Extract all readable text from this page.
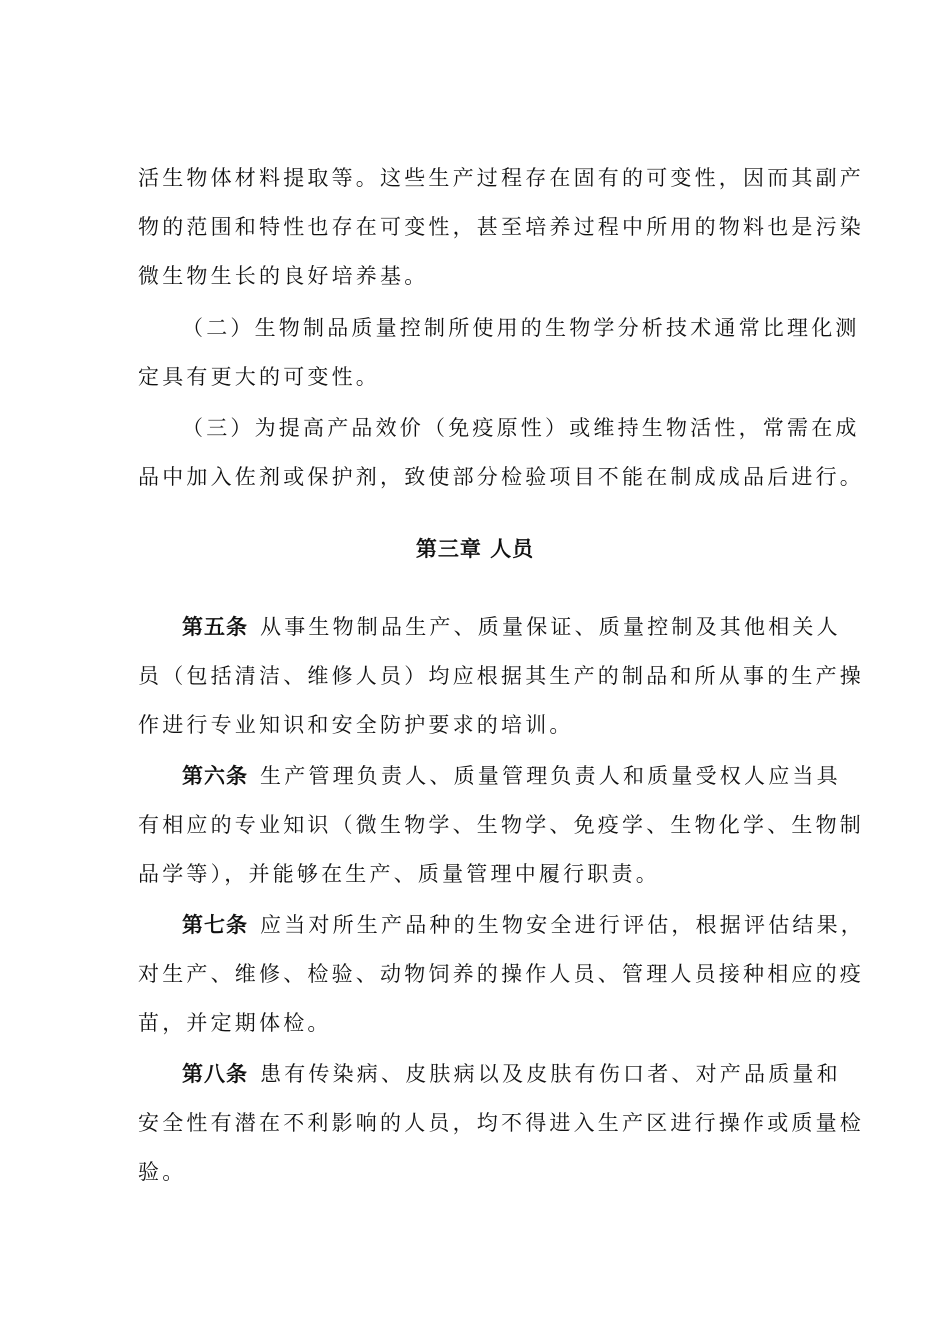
活生物体材料提取等。这些生产过程存在固有的可变性，因而其副产
物的范围和特性也存在可变性，甚至培养过程中所用的物料也是污染
微生物生长的良好培养基。
（二）生物制品质量控制所使用的生物学分析技术通常比理化测
定具有更大的可变性。
（三）为提高产品效价（免疫原性）或维持生物活性，常需在成
品中加入佐剂或保护剂，致使部分检验项目不能在制成成品后进行。
第三章 人员
第五条 从事生物制品生产、质量保证、质量控制及其他相关人
员（包括清洁、维修人员）均应根据其生产的制品和所从事的生产操
作进行专业知识和安全防护要求的培训。
第六条 生产管理负责人、质量管理负责人和质量受权人应当具
有相应的专业知识（微生物学、生物学、免疫学、生物化学、生物制
品学等），并能够在生产、质量管理中履行职责。
第七条 应当对所生产品种的生物安全进行评估，根据评估结果，
对生产、维修、检验、动物饲养的操作人员、管理人员接种相应的疫
苗，并定期体检。
第八条 患有传染病、皮肤病以及皮肤有伤口者、对产品质量和
安全性有潜在不利影响的人员，均不得进入生产区进行操作或质量检
验。
